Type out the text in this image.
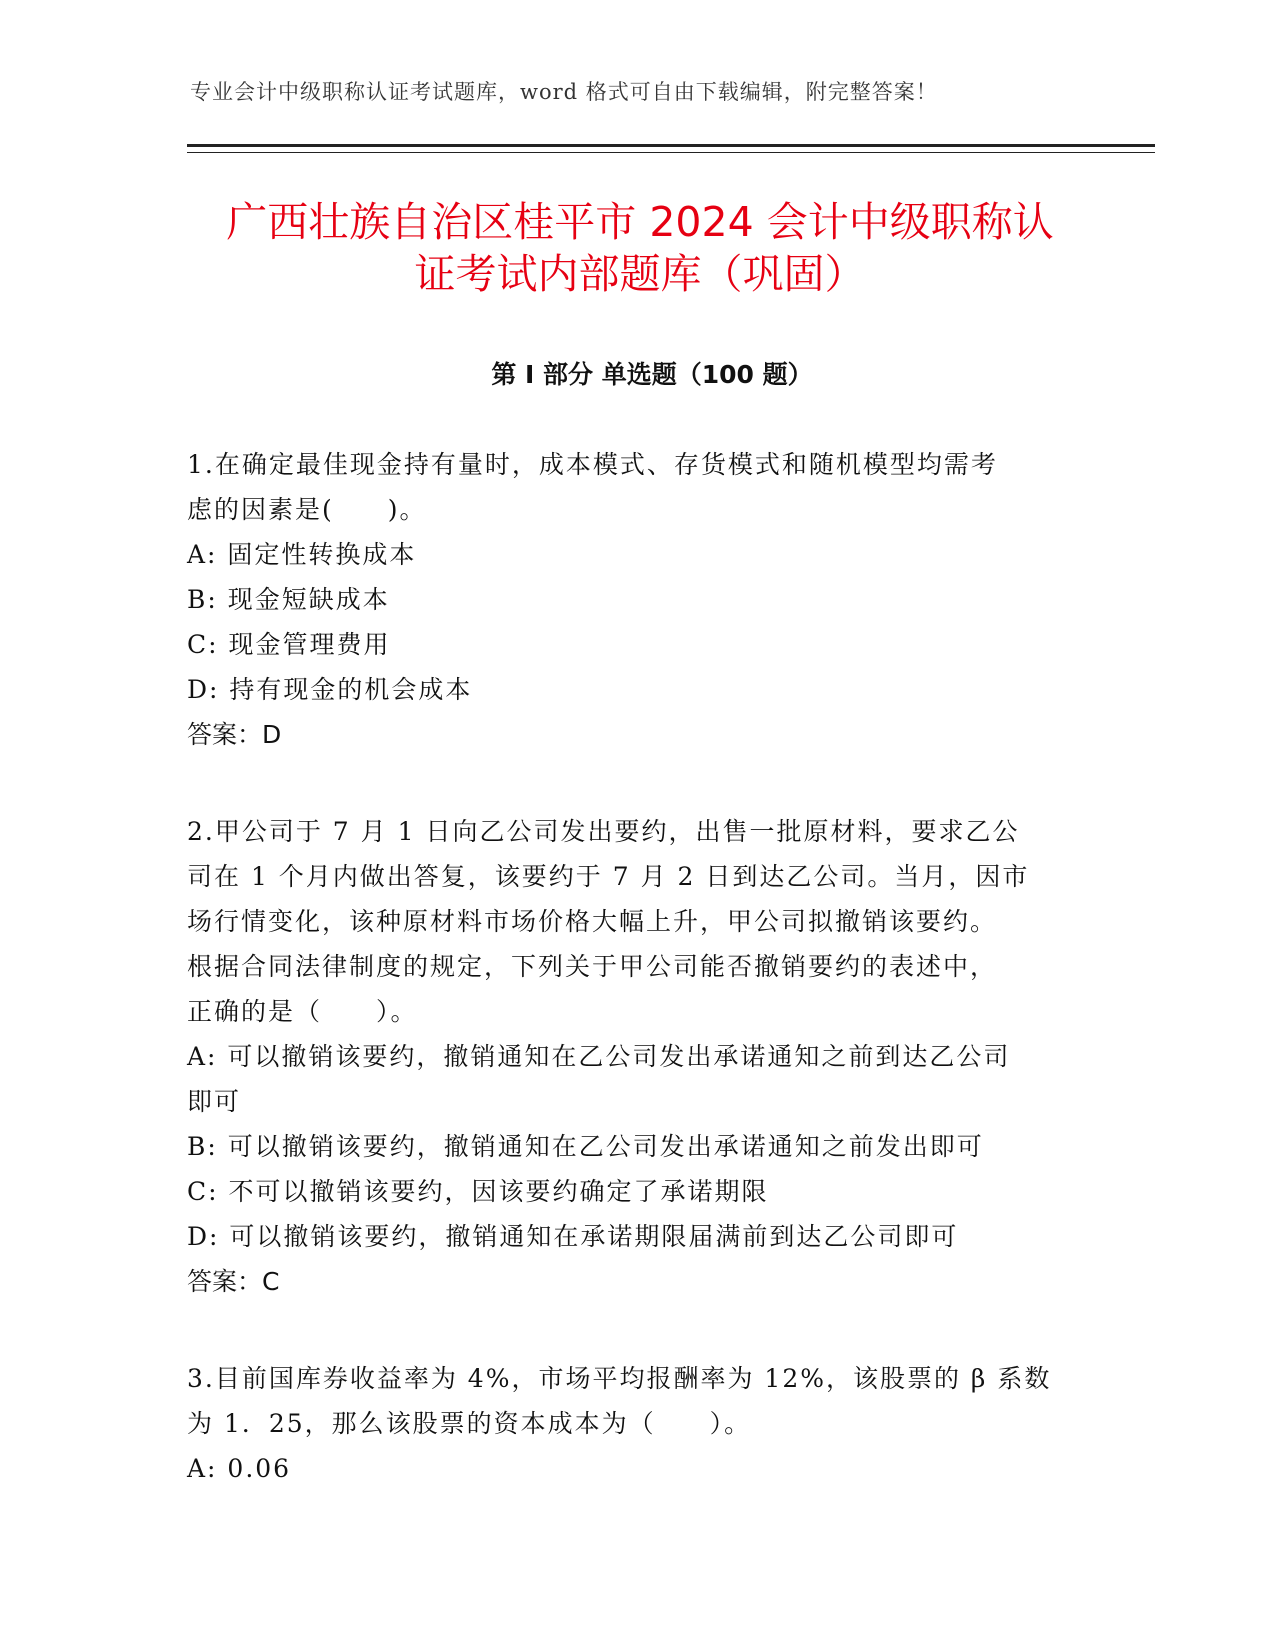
专业会计中级职称认证考试题库，word 格式可自由下载编辑，附完整答案！
广西壮族自治区桂平市 2024 会计中级职称认
证考试内部题库（巩固）
第 I 部分 单选题（100 题）

1.在确定最佳现金持有量时，成本模式、存货模式和随机模型均需考

虑的因素是(　　)。

A: 固定性转换成本

B: 现金短缺成本

C: 现金管理费用

D: 持有现金的机会成本

答案：D

2.甲公司于 7 月 1 日向乙公司发出要约，出售一批原材料，要求乙公

司在 1 个月内做出答复，该要约于 7 月 2 日到达乙公司。当月，因市

场行情变化，该种原材料市场价格大幅上升，甲公司拟撤销该要约。

根据合同法律制度的规定，下列关于甲公司能否撤销要约的表述中，

正确的是（　　）。

A: 可以撤销该要约，撤销通知在乙公司发出承诺通知之前到达乙公司

即可

B: 可以撤销该要约，撤销通知在乙公司发出承诺通知之前发出即可

C: 不可以撤销该要约，因该要约确定了承诺期限

D: 可以撤销该要约，撤销通知在承诺期限届满前到达乙公司即可

答案：C

3.目前国库券收益率为 4%，市场平均报酬率为 12%，该股票的 β 系数

为 1．25，那么该股票的资本成本为（　　）。

A: 0.06
